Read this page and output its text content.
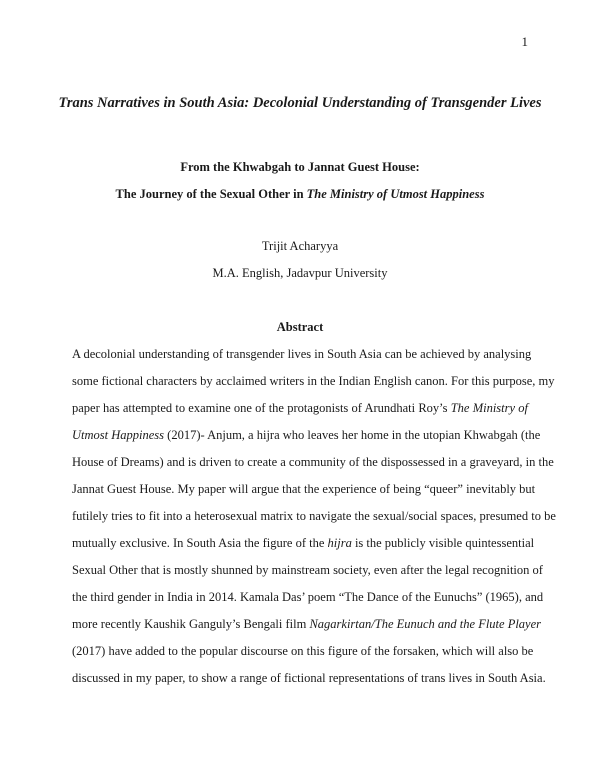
1
Trans Narratives in South Asia: Decolonial Understanding of Transgender Lives
From the Khwabgah to Jannat Guest House:
The Journey of the Sexual Other in The Ministry of Utmost Happiness
Trijit Acharyya
M.A. English, Jadavpur University
Abstract
A decolonial understanding of transgender lives in South Asia can be achieved by analysing
some fictional characters by acclaimed writers in the Indian English canon. For this purpose, my
paper has attempted to examine one of the protagonists of Arundhati Roy’s The Ministry of
Utmost Happiness (2017)- Anjum, a hijra who leaves her home in the utopian Khwabgah (the
House of Dreams) and is driven to create a community of the dispossessed in a graveyard, in the
Jannat Guest House. My paper will argue that the experience of being “queer” inevitably but
futilely tries to fit into a heterosexual matrix to navigate the sexual/social spaces, presumed to be
mutually exclusive. In South Asia the figure of the hijra is the publicly visible quintessential
Sexual Other that is mostly shunned by mainstream society, even after the legal recognition of
the third gender in India in 2014. Kamala Das’ poem “The Dance of the Eunuchs” (1965), and
more recently Kaushik Ganguly’s Bengali film Nagarkirtan/The Eunuch and the Flute Player
(2017) have added to the popular discourse on this figure of the forsaken, which will also be
discussed in my paper, to show a range of fictional representations of trans lives in South Asia.
